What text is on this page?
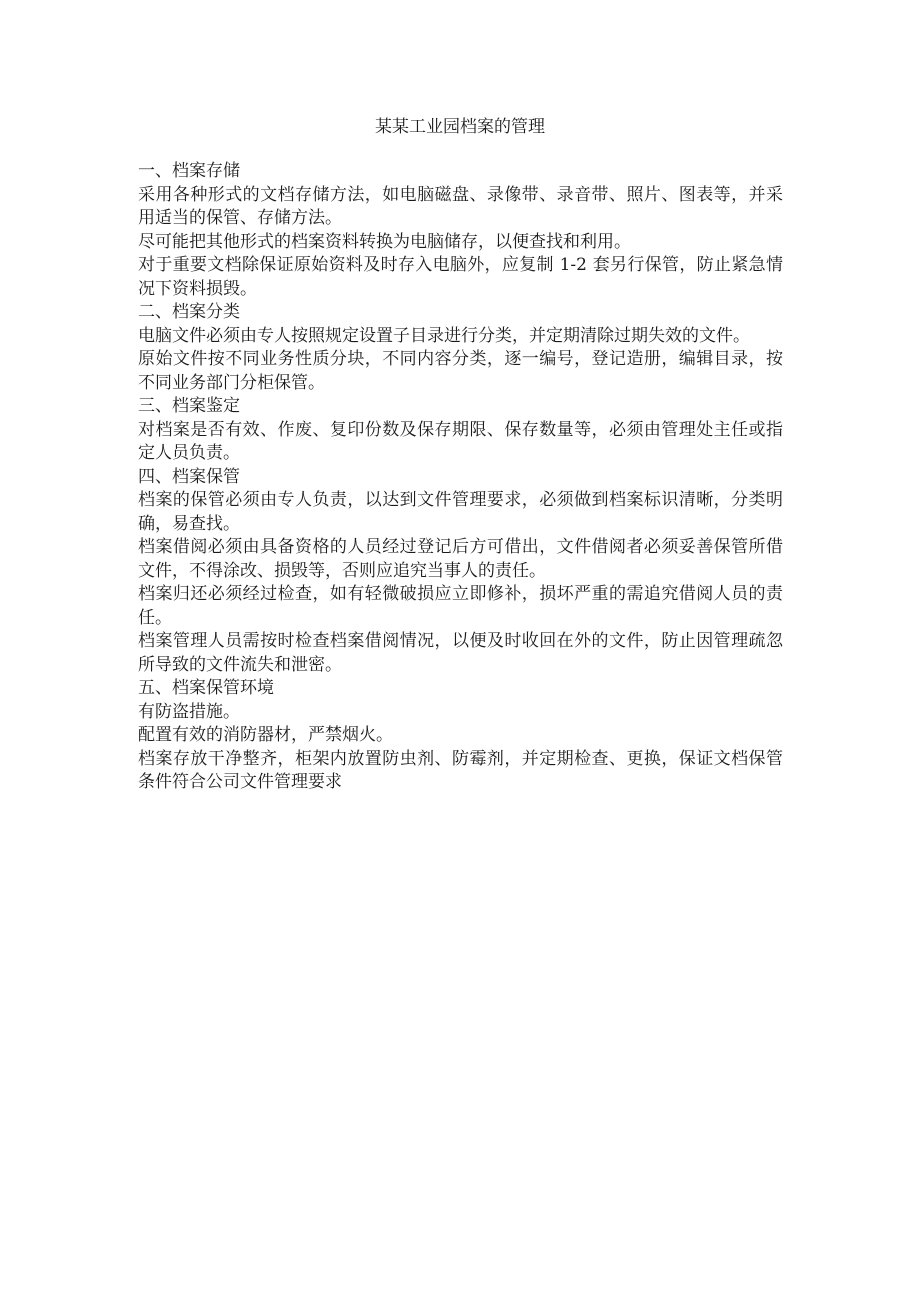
某某工业园档案的管理

一、档案存储

采用各种形式的文档存储方法，如电脑磁盘、录像带、录音带、照片、图表等，并采用适当的保管、存储方法。

尽可能把其他形式的档案资料转换为电脑储存，以便查找和利用。

对于重要文档除保证原始资料及时存入电脑外，应复制 1-2 套另行保管，防止紧急情况下资料损毁。

二、档案分类

电脑文件必须由专人按照规定设置子目录进行分类，并定期清除过期失效的文件。

原始文件按不同业务性质分块，不同内容分类，逐一编号，登记造册，编辑目录，按不同业务部门分柜保管。

三、档案鉴定

对档案是否有效、作废、复印份数及保存期限、保存数量等，必须由管理处主任或指定人员负责。

四、档案保管

档案的保管必须由专人负责，以达到文件管理要求，必须做到档案标识清晰，分类明确，易查找。

档案借阅必须由具备资格的人员经过登记后方可借出，文件借阅者必须妥善保管所借文件，不得涂改、损毁等，否则应追究当事人的责任。

档案归还必须经过检查，如有轻微破损应立即修补，损坏严重的需追究借阅人员的责任。

档案管理人员需按时检查档案借阅情况，以便及时收回在外的文件，防止因管理疏忽所导致的文件流失和泄密。

五、档案保管环境

有防盗措施。

配置有效的消防器材，严禁烟火。

档案存放干净整齐，柜架内放置防虫剂、防霉剂，并定期检查、更换，保证文档保管条件符合公司文件管理要求
